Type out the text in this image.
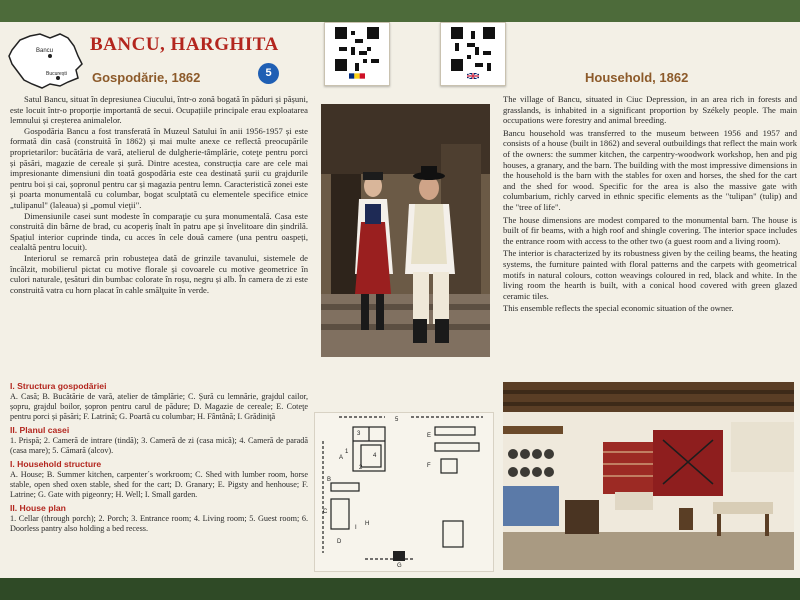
Bancu
București
BANCU, HARGHITA
Gospodărie, 1862	5	Household, 1862

Satul Bancu, situat în depresiunea Ciucului, într-o zonă bogată în păduri și pășuni, este locuit într-o proporție importantă de secui. Ocupațiile principale erau exploatarea lemnului și creșterea animalelor.

Gospodăria Bancu a fost transferată în Muzeul Satului în anii 1956-1957 și este formată din casă (construită în 1862) și mai multe anexe ce reflectă preocupările proprietarilor: bucătăria de vară, atelierul de dulgherie-tâmplărie, coteţe pentru porci și păsări, magazie de cereale și șură. Dintre acestea, construcția care are cele mai impresionante dimensiuni din toată gospodăria este cea destinată șurii cu grajdurile pentru boi și cai, șopronul pentru car și magazia pentru lemn. Caracteristică zonei este și poarta monumentală cu columbar, bogat sculptată cu elementele specifice etnice „tulipanul" (laleaua) și „pomul vieţii".

Dimensiunile casei sunt modeste în comparaţie cu șura monumentală. Casa este construită din bârne de brad, cu acoperiș înalt în patru ape și învelitoare din șindrilă. Spațiul interior cuprinde tinda, cu acces în cele două camere (una pentru oaspeți, cealaltă pentru locuit).

Interiorul se remarcă prin robusteţea dată de grinzile tavanului, sistemele de încălzit, mobilierul pictat cu motive florale și covoarele cu motive geometrice în culori naturale, ţesături din bumbac colorate în roșu, negru și alb. În camera de zi este construită vatra cu horn placat în cahle smălţuite în verde.

The village of Bancu, situated in Ciuc Depression, in an area rich in forests and grasslands, is inhabited in a significant proportion by Székely people. The main occupations were forestry and animal breeding.

Bancu household was transferred to the museum between 1956 and 1957 and consists of a house (built in 1862) and several outbuildings that reflect the main work of the owners: the summer kitchen, the carpentry-woodwork workshop, hen and pig houses, a granary, and the barn. The building with the most impressive dimensions in the household is the barn with the stables for oxen and horses, the shed for the cart and the shed for wood. Specific for the area is also the massive gate with columbarium, richly carved in ethnic specific elements as the "tulipan" (tulip) and the "tree of life".

The house dimensions are modest compared to the monumental barn. The house is built of fir beams, with a high roof and shingle covering. The interior space includes the entrance room with access to the other two (a guest room and a living room).

The interior is characterized by its robustness given by the ceiling beams, the heating systems, the furniture painted with floral patterns and the carpets with geometrical motifs in natural colours, cotton weavings coloured in red, black and white. In the living room the hearth is built, with a conical hood covered with green glazed ceramic tiles.

This ensemble reflects the special economic situation of the owner.

I. Structura gospodăriei

A. Casă; B. Bucătărie de vară, atelier de tâmplărie; C. Șură cu lemnărie, grajdul cailor, șopru, grajdul boilor, șopron pentru carul de pădure; D. Magazie de cereale; E. Coteţe pentru porci și păsări; F. Latrină; G. Poartă cu columbar; H. Fântână; I. Grădiniţă

II. Planul casei

1. Prispă; 2. Cameră de intrare (tindă); 3. Cameră de zi (casa mică); 4. Cameră de paradă (casa mare); 5. Cămară (alcov).

I. Household structure

A. House; B. Summer kitchen, carpenter´s workroom; C. Shed with lumber room, horse stable, open shed oxen stable, shed for the cart; D. Granary; E. Pigsty and henhouse; F. Latrine; G. Gate with pigeonry; H. Well; I. Small garden.

II. House plan

1. Cellar (through porch); 2. Porch; 3. Entrance room; 4. Living room; 5. Guest room; 6. Doorless pantry also holding a bed recess.

A
B
C
D
E
F
G
H
I
1
2
3
4
5
